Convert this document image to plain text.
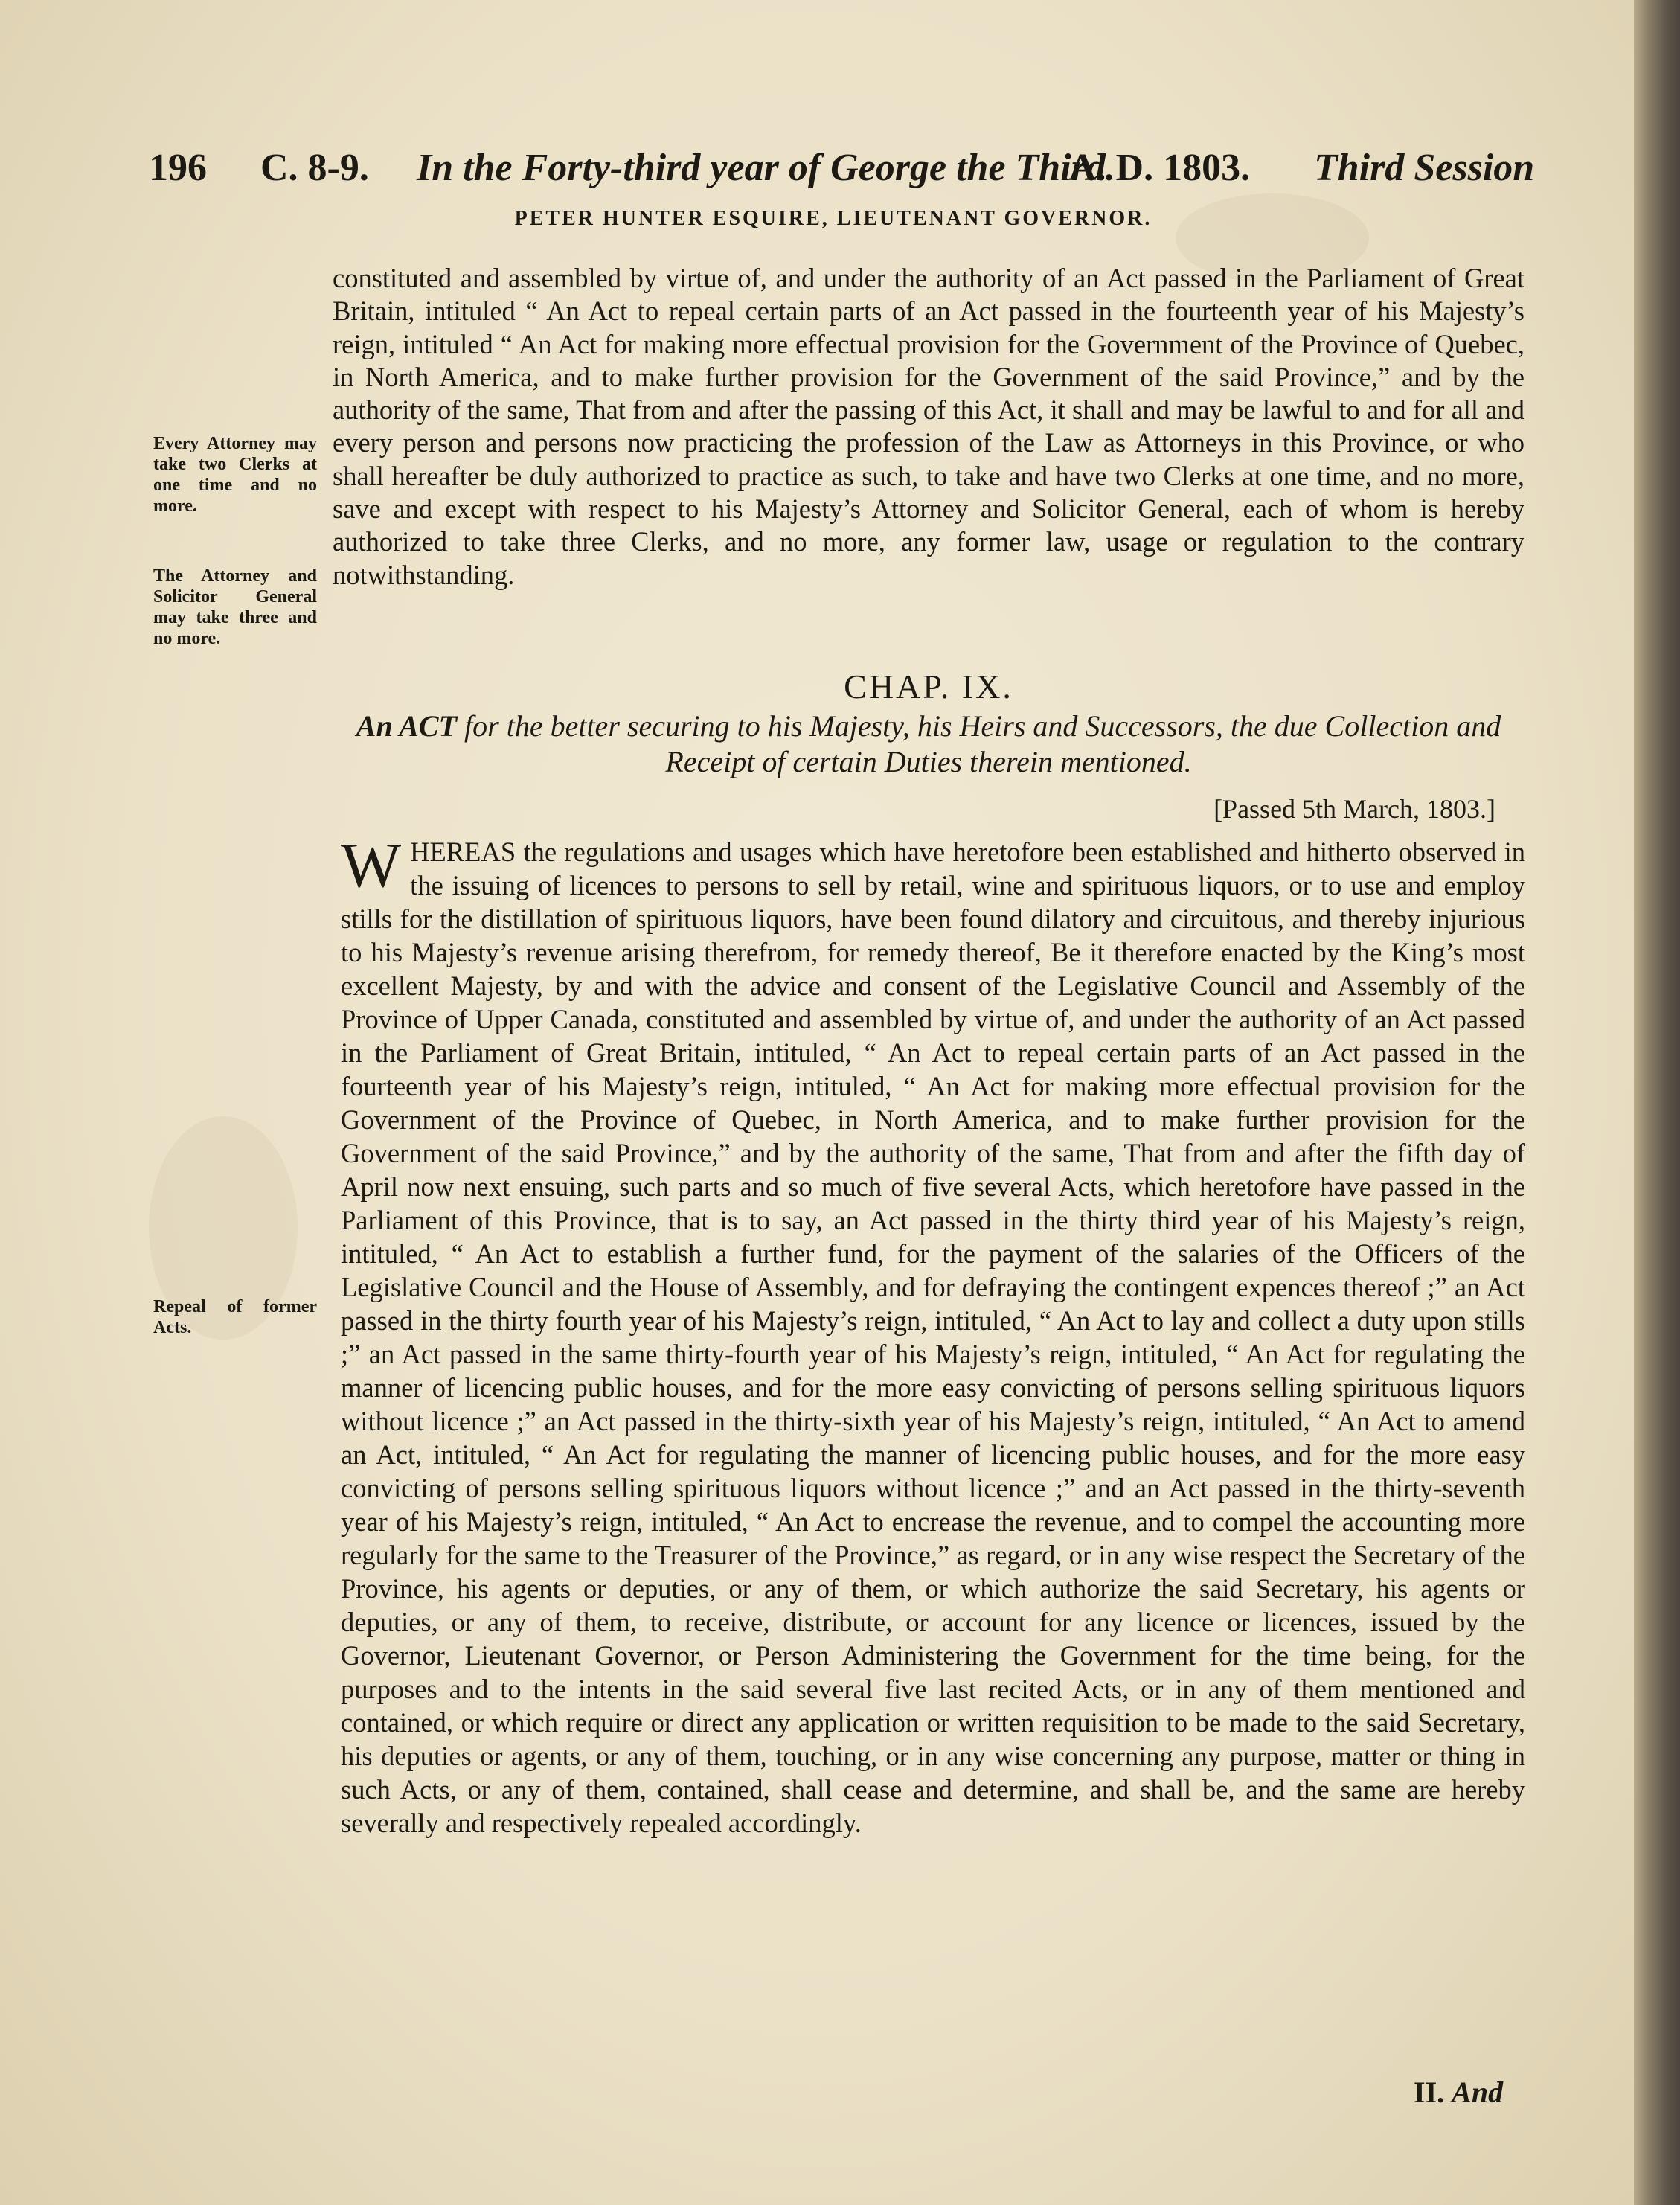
196 C. 8-9. In the Forty-third year of George the Third.
A. D. 1803. Third Session
PETER HUNTER ESQUIRE, LIEUTENANT GOVERNOR.

constituted and assembled by virtue of, and under the authority of an Act passed in the Parliament of Great Britain, intituled “ An Act to repeal certain parts of an Act passed in the fourteenth year of his Majesty’s reign, intituled “ An Act for making more effectual provision for the Government of the Province of Quebec, in North America, and to make further provision for the Government of the said Province,” and by the authority of the same, That from and after the passing of this Act, it shall and may be lawful to and for all and every person and persons now practicing the profession of the Law as Attorneys in this Province, or who shall hereafter be duly authorized to practice as such, to take and have two Clerks at one time, and no more, save and except with respect to his Majesty’s Attorney and Solicitor General, each of whom is hereby authorized to take three Clerks, and no more, any former law, usage or regulation to the contrary notwithstanding.

Every Attorney may take two Clerks at one time and no more.
The Attorney and Solicitor General may take three and no more.
CHAP. IX.
An ACT for the better securing to his Majesty, his Heirs and Successors, the due Collection and Receipt of certain Duties therein mentioned.
[Passed 5th March, 1803.]
W HEREAS the regulations and usages which have heretofore been established and hitherto observed in the issuing of licences to persons to sell by retail, wine and spirituous liquors, or to use and employ stills for the distillation of spirituous liquors, have been found dilatory and circuitous, and thereby injurious to his Majesty’s revenue arising therefrom, for remedy thereof, Be it therefore enacted by the King’s most excellent Majesty, by and with the advice and consent of the Legislative Council and Assembly of the Province of Upper Canada, constituted and assembled by virtue of, and under the authority of an Act passed in the Parliament of Great Britain, intituled, “ An Act to repeal certain parts of an Act passed in the fourteenth year of his Majesty’s reign, intituled, “ An Act for making more effectual provision for the Government of the Province of Quebec, in North America, and to make further provision for the Government of the said Province,” and by the authority of the same, That from and after the fifth day of April now next ensuing, such parts and so much of five several Acts, which heretofore have passed in the Parliament of this Province, that is to say, an Act passed in the thirty third year of his Majesty’s reign, intituled, “ An Act to establish a further fund, for the payment of the salaries of the Officers of the Legislative Council and the House of Assembly, and for defraying the contingent expences thereof ;” an Act passed in the thirty fourth year of his Majesty’s reign, intituled, “ An Act to lay and collect a duty upon stills ;” an Act passed in the same thirty-fourth year of his Majesty’s reign, intituled, “ An Act for regulating the manner of licencing public houses, and for the more easy convicting of persons selling spirituous liquors without licence ;” an Act passed in the thirty-sixth year of his Majesty’s reign, intituled, “ An Act to amend an Act, intituled, “ An Act for regulating the manner of licencing public houses, and for the more easy convicting of persons selling spirituous liquors without licence ;” and an Act passed in the thirty-seventh year of his Majesty’s reign, intituled, “ An Act to encrease the revenue, and to compel the accounting more regularly for the same to the Treasurer of the Province,” as regard, or in any wise respect the Secretary of the Province, his agents or deputies, or any of them, or which authorize the said Secretary, his agents or deputies, or any of them, to receive, distribute, or account for any licence or licences, issued by the Governor, Lieutenant Governor, or Person Administering the Government for the time being, for the purposes and to the intents in the said several five last recited Acts, or in any of them mentioned and contained, or which require or direct any application or written requisition to be made to the said Secretary, his deputies or agents, or any of them, touching, or in any wise concerning any purpose, matter or thing in such Acts, or any of them, contained, shall cease and determine, and shall be, and the same are hereby severally and respectively repealed accordingly.

Repeal of former Acts.
II. And
